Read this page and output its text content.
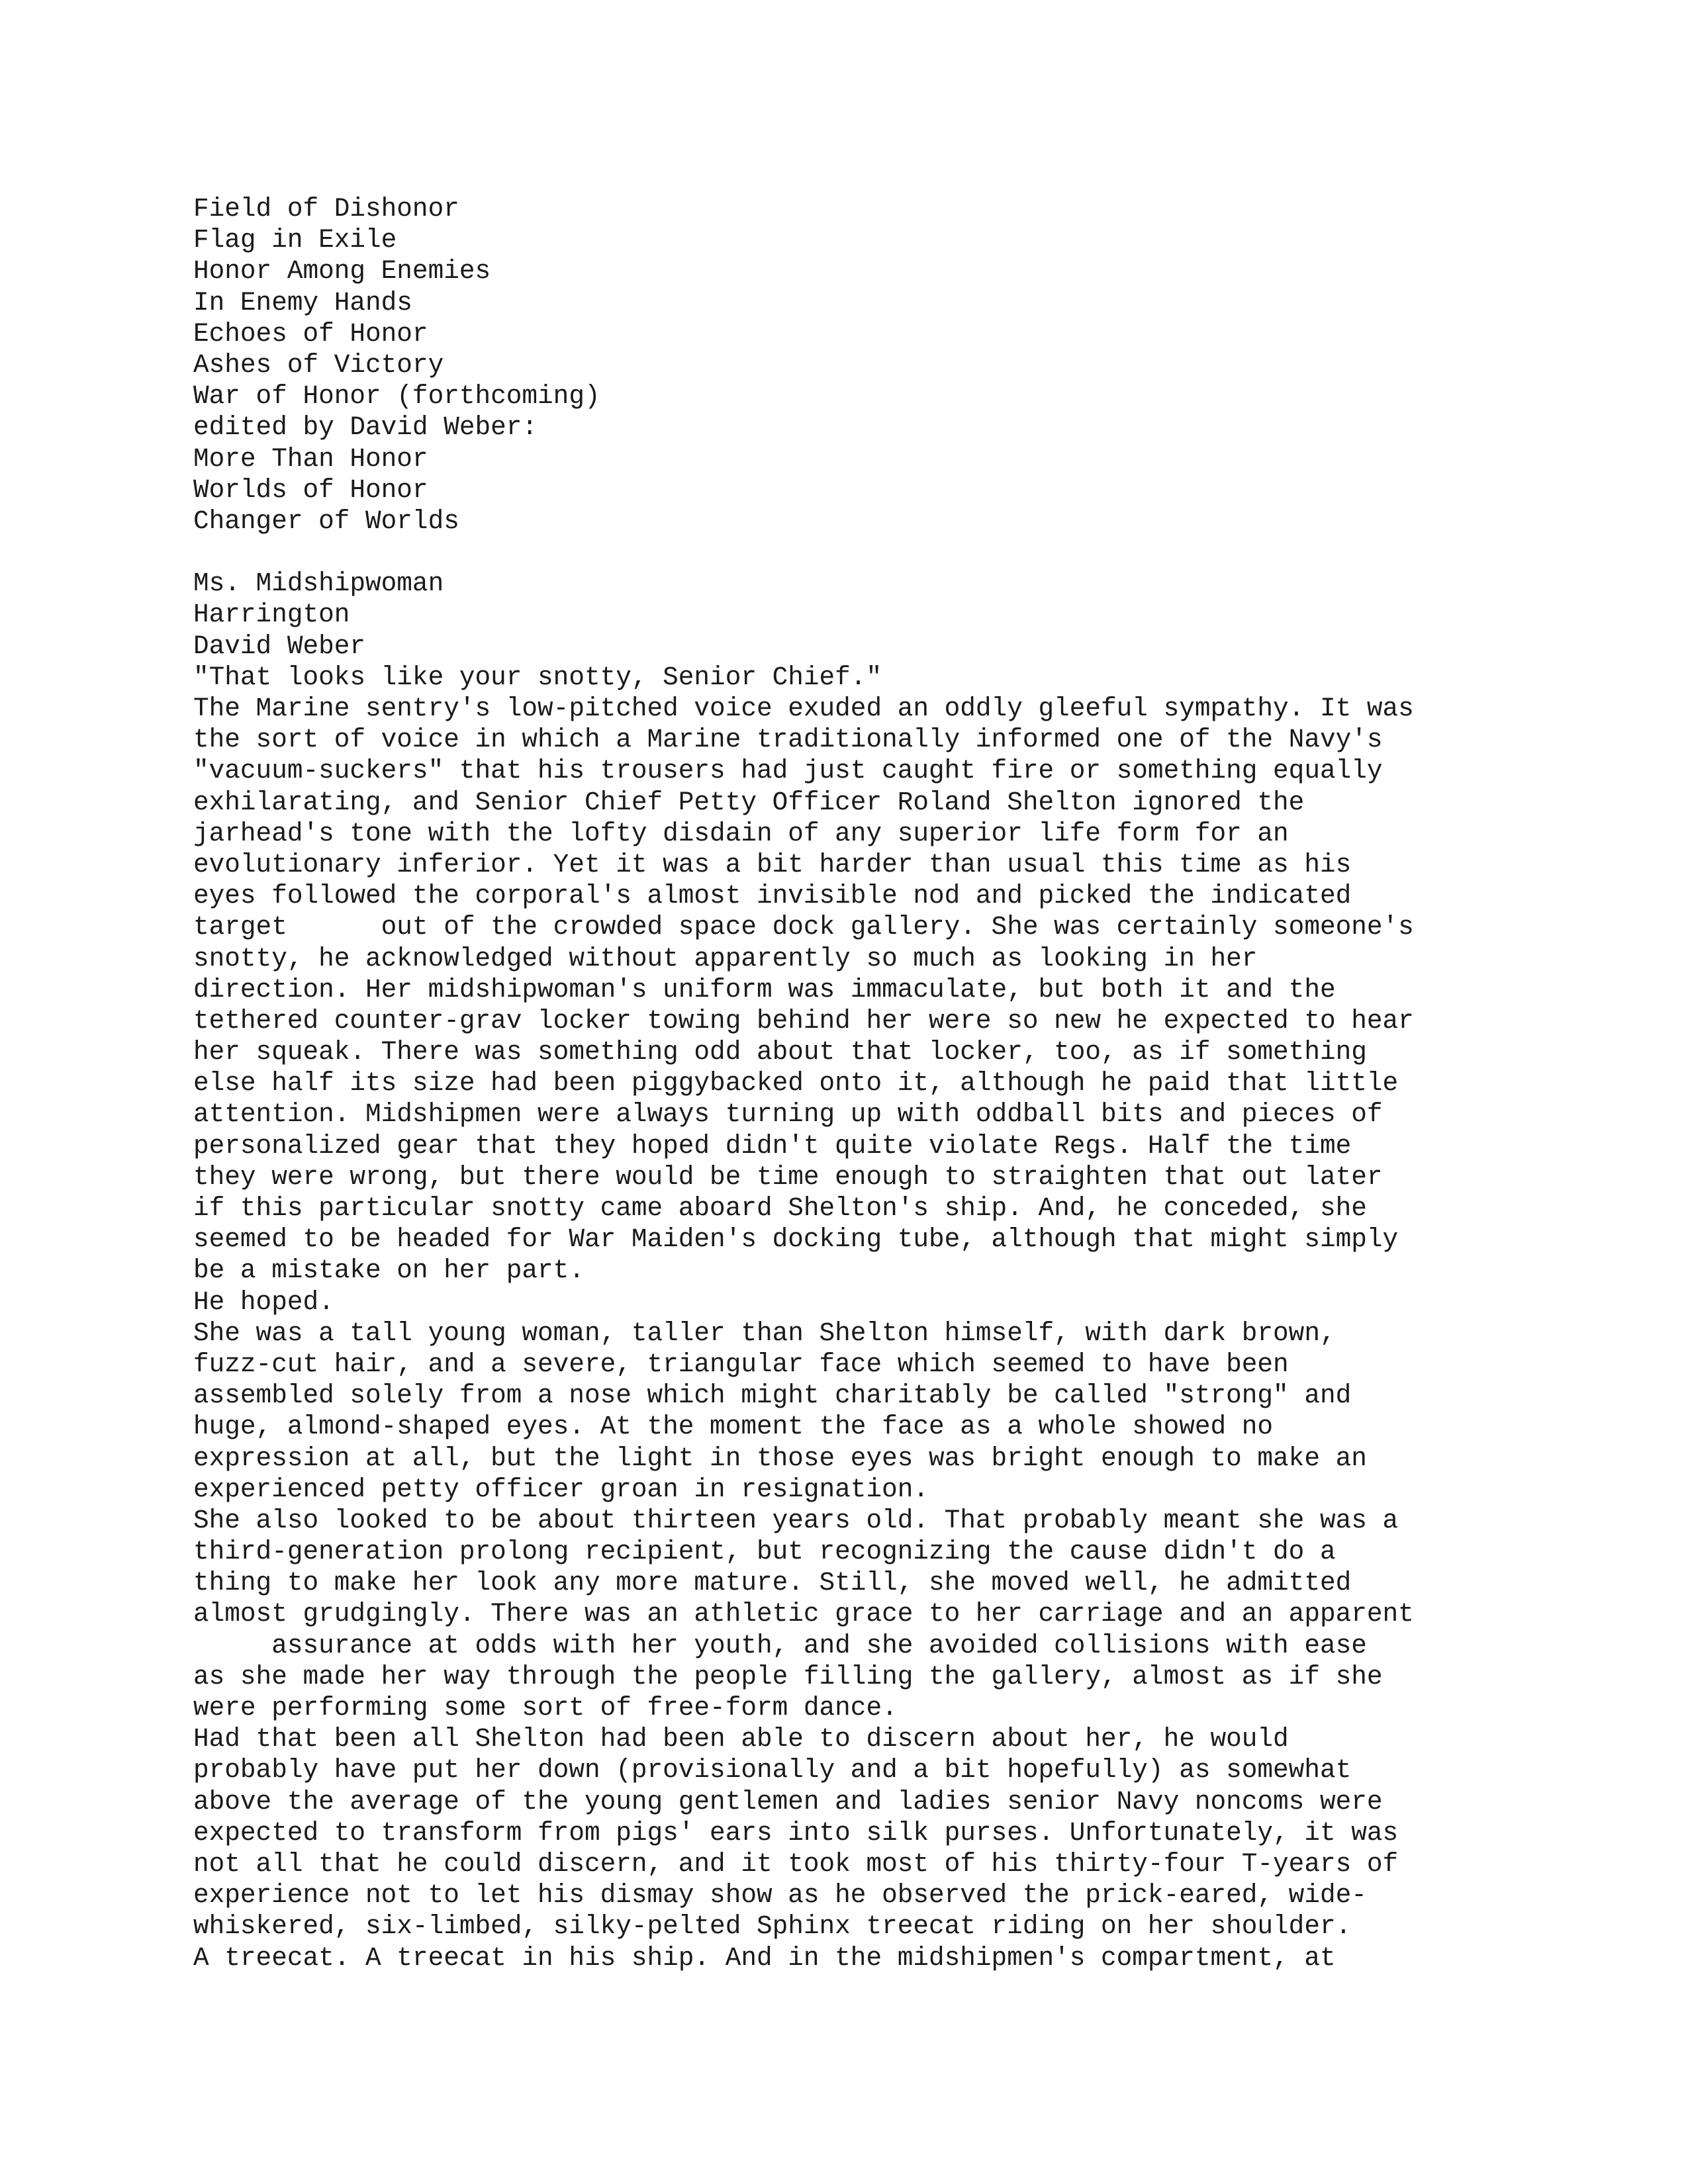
Field of Dishonor
Flag in Exile
Honor Among Enemies
In Enemy Hands
Echoes of Honor
Ashes of Victory
War of Honor (forthcoming)
edited by David Weber:
More Than Honor
Worlds of Honor
Changer of Worlds
Ms. Midshipwoman
Harrington
David Weber
"That looks like your snotty, Senior Chief."
The Marine sentry's low-pitched voice exuded an oddly gleeful sympathy. It was
the sort of voice in which a Marine traditionally informed one of the Navy's
"vacuum-suckers" that his trousers had just caught fire or something equally
exhilarating, and Senior Chief Petty Officer Roland Shelton ignored the
jarhead's tone with the lofty disdain of any superior life form for an
evolutionary inferior. Yet it was a bit harder than usual this time as his
eyes followed the corporal's almost invisible nod and picked the indicated
target      out of the crowded space dock gallery. She was certainly someone's
snotty, he acknowledged without apparently so much as looking in her
direction. Her midshipwoman's uniform was immaculate, but both it and the
tethered counter-grav locker towing behind her were so new he expected to hear
her squeak. There was something odd about that locker, too, as if something
else half its size had been piggybacked onto it, although he paid that little
attention. Midshipmen were always turning up with oddball bits and pieces of
personalized gear that they hoped didn't quite violate Regs. Half the time
they were wrong, but there would be time enough to straighten that out later
if this particular snotty came aboard Shelton's ship. And, he conceded, she
seemed to be headed for War Maiden's docking tube, although that might simply
be a mistake on her part.
He hoped.
She was a tall young woman, taller than Shelton himself, with dark brown,
fuzz-cut hair, and a severe, triangular face which seemed to have been
assembled solely from a nose which might charitably be called "strong" and
huge, almond-shaped eyes. At the moment the face as a whole showed no
expression at all, but the light in those eyes was bright enough to make an
experienced petty officer groan in resignation.
She also looked to be about thirteen years old. That probably meant she was a
third-generation prolong recipient, but recognizing the cause didn't do a
thing to make her look any more mature. Still, she moved well, he admitted
almost grudgingly. There was an athletic grace to her carriage and an apparent
assurance at odds with her youth, and she avoided collisions with ease
as she made her way through the people filling the gallery, almost as if she
were performing some sort of free-form dance.
Had that been all Shelton had been able to discern about her, he would
probably have put her down (provisionally and a bit hopefully) as somewhat
above the average of the young gentlemen and ladies senior Navy noncoms were
expected to transform from pigs' ears into silk purses. Unfortunately, it was
not all that he could discern, and it took most of his thirty-four T-years of
experience not to let his dismay show as he observed the prick-eared, wide-
whiskered, six-limbed, silky-pelted Sphinx treecat riding on her shoulder.
A treecat. A treecat in his ship. And in the midshipmen's compartment, at
